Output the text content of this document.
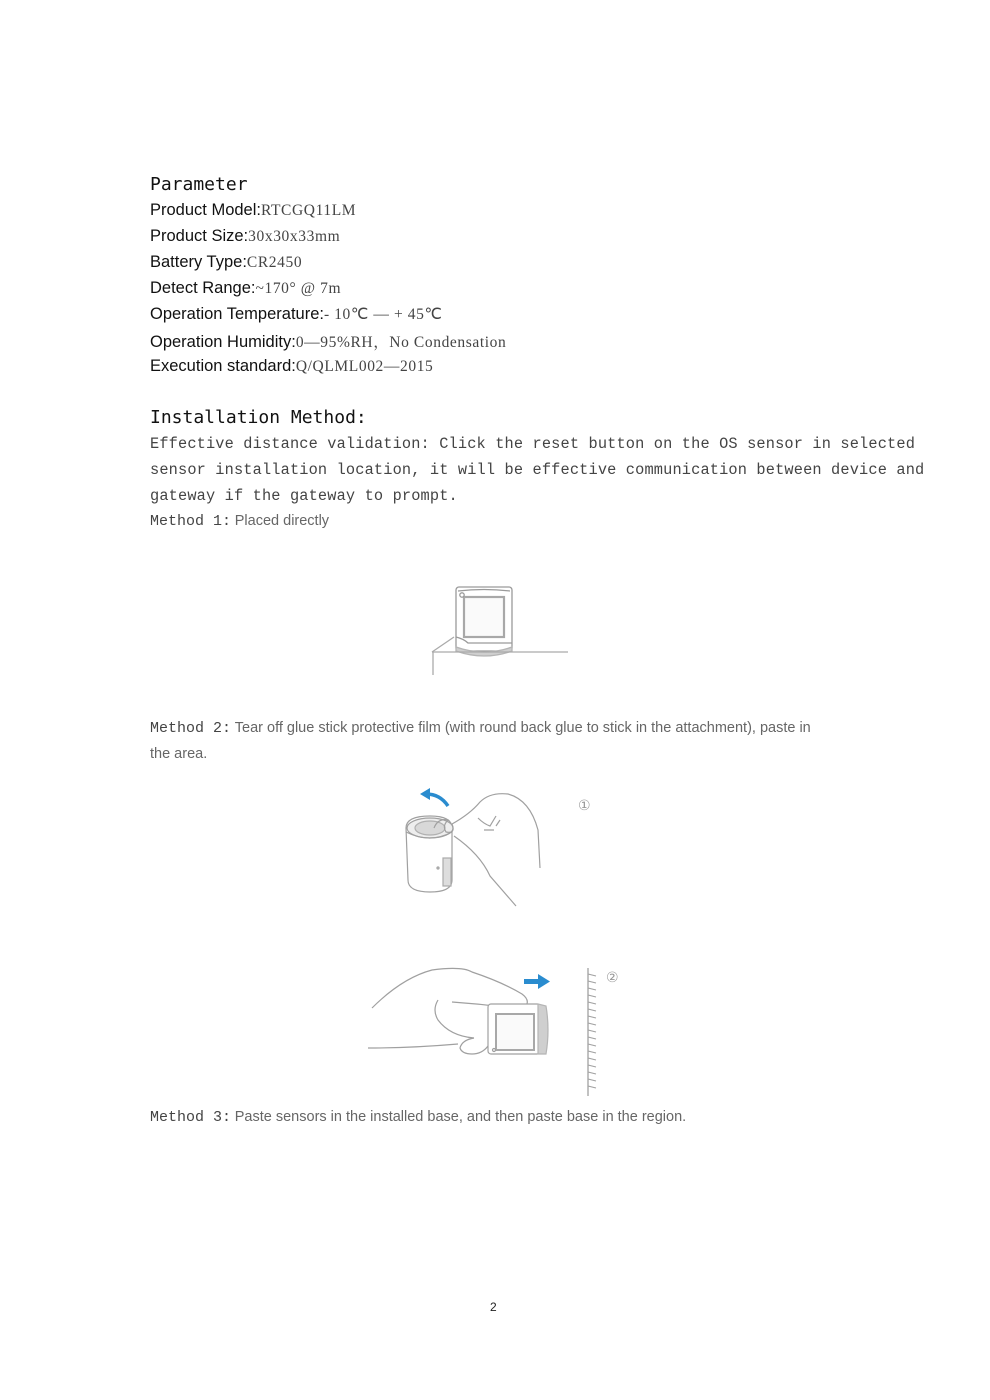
Parameter
Product Model:RTCGQ11LM
Product Size:30x30x33mm
Battery Type:CR2450
Detect Range:~170° @ 7m
Operation Temperature:- 10℃ — + 45℃
Operation Humidity:0—95%RH，No Condensation
Execution standard:Q/QLML002—2015
Installation Method:
Effective distance validation: Click the reset button on the OS sensor in selected
sensor installation location, it will be effective communication between device and
gateway if the gateway to prompt.
Method 1: Placed directly
Method 2: Tear off glue stick protective film (with round back glue to stick in the attachment), paste in
the area.
①
②
Method 3: Paste sensors in the installed base, and then paste base in the region.
2
